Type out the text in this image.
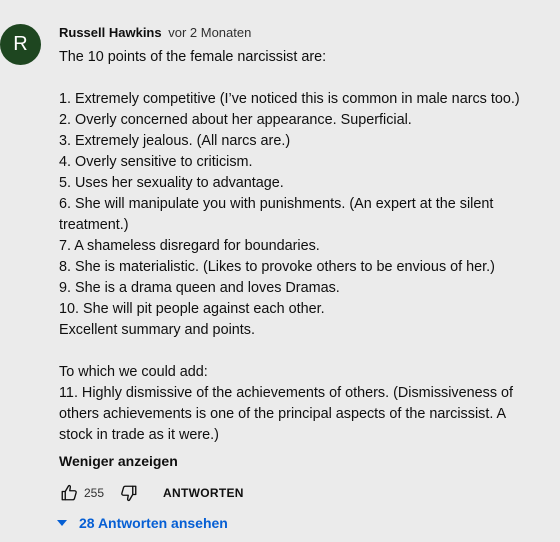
R
Russell Hawkins vor 2 Monaten
The 10 points of the female narcissist are:
1. Extremely competitive (I’ve noticed this is common in male narcs too.)
2. Overly concerned about her appearance. Superficial.
3. Extremely jealous. (All narcs are.)
4. Overly sensitive to criticism.
5. Uses her sexuality to advantage.
6. She will manipulate you with punishments. (An expert at the silent
treatment.)
7. A shameless disregard for boundaries.
8. She is materialistic. (Likes to provoke others to be envious of her.)
9. She is a drama queen and loves Dramas.
10. She will pit people against each other.
Excellent summary and points.
To which we could add:
11. Highly dismissive of the achievements of others. (Dismissiveness of
others achievements is one of the principal aspects of the narcissist. A
stock in trade as it were.)
Weniger anzeigen
255	ANTWORTEN
28 Antworten ansehen
